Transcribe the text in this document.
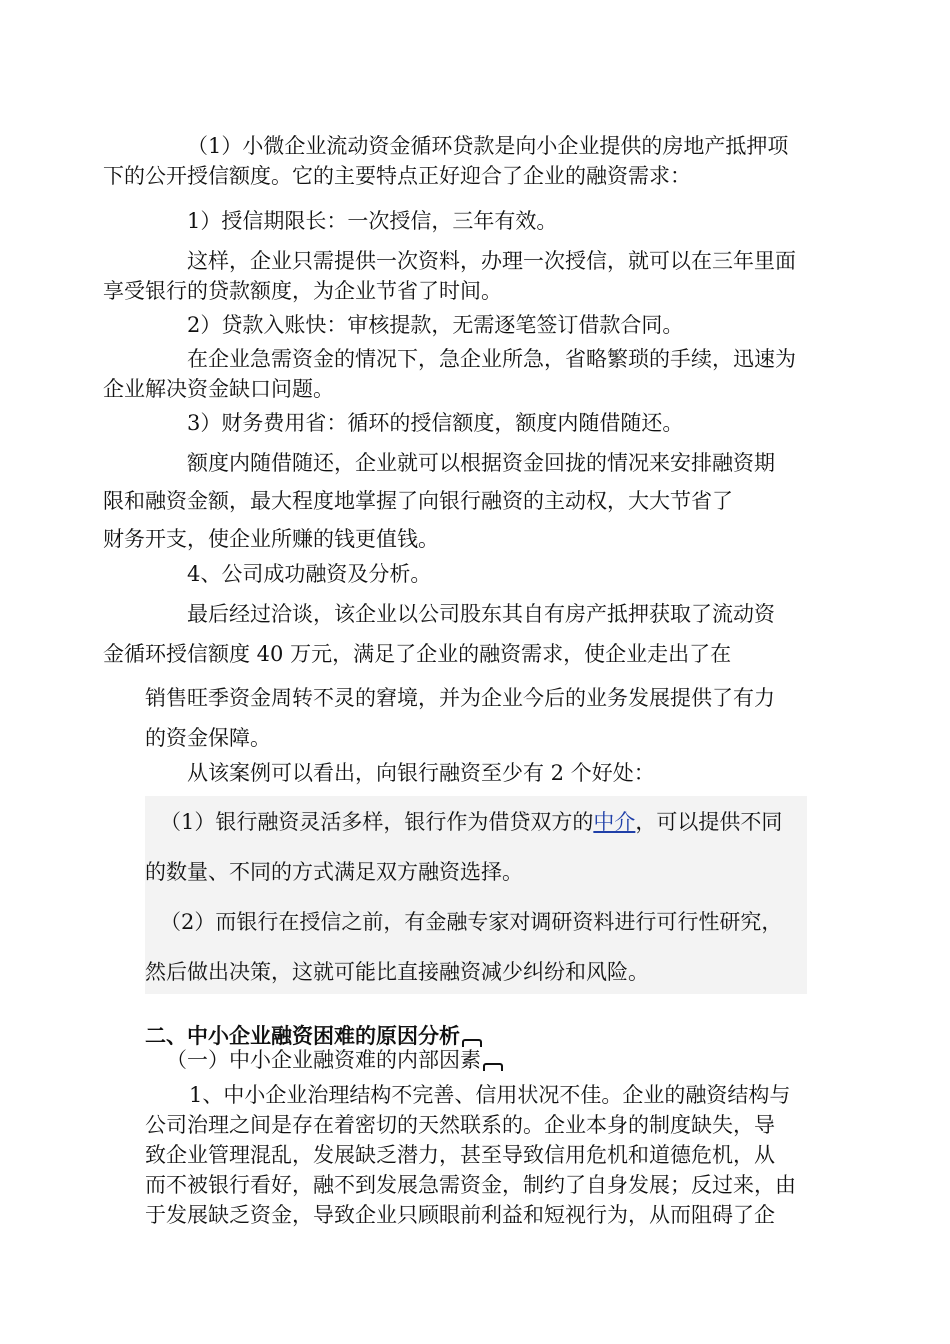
（1）小微企业流动资金循环贷款是向小企业提供的房地产抵押项
下的公开授信额度。它的主要特点正好迎合了企业的融资需求：
1）授信期限长：一次授信，三年有效。
这样，企业只需提供一次资料，办理一次授信，就可以在三年里面
享受银行的贷款额度，为企业节省了时间。
2）贷款入账快：审核提款，无需逐笔签订借款合同。
在企业急需资金的情况下，急企业所急，省略繁琐的手续，迅速为
企业解决资金缺口问题。
3）财务费用省：循环的授信额度，额度内随借随还。
额度内随借随还，企业就可以根据资金回拢的情况来安排融资期
限和融资金额，最大程度地掌握了向银行融资的主动权，大大节省了
财务开支，使企业所赚的钱更值钱。
4、公司成功融资及分析。
最后经过洽谈，该企业以公司股东其自有房产抵押获取了流动资
金循环授信额度 40 万元，满足了企业的融资需求，使企业走出了在
销售旺季资金周转不灵的窘境，并为企业今后的业务发展提供了有力
的资金保障。
从该案例可以看出，向银行融资至少有 2 个好处：
（1）银行融资灵活多样，银行作为借贷双方的中介，可以提供不同
的数量、不同的方式满足双方融资选择。
（2）而银行在授信之前，有金融专家对调研资料进行可行性研究，
然后做出决策，这就可能比直接融资减少纠纷和风险。
二、中小企业融资困难的原因分析
（一）中小企业融资难的内部因素
1、中小企业治理结构不完善、信用状况不佳。企业的融资结构与
公司治理之间是存在着密切的天然联系的。企业本身的制度缺失，导
致企业管理混乱，发展缺乏潜力，甚至导致信用危机和道德危机，从
而不被银行看好，融不到发展急需资金，制约了自身发展；反过来，由
于发展缺乏资金，导致企业只顾眼前利益和短视行为，从而阻碍了企
